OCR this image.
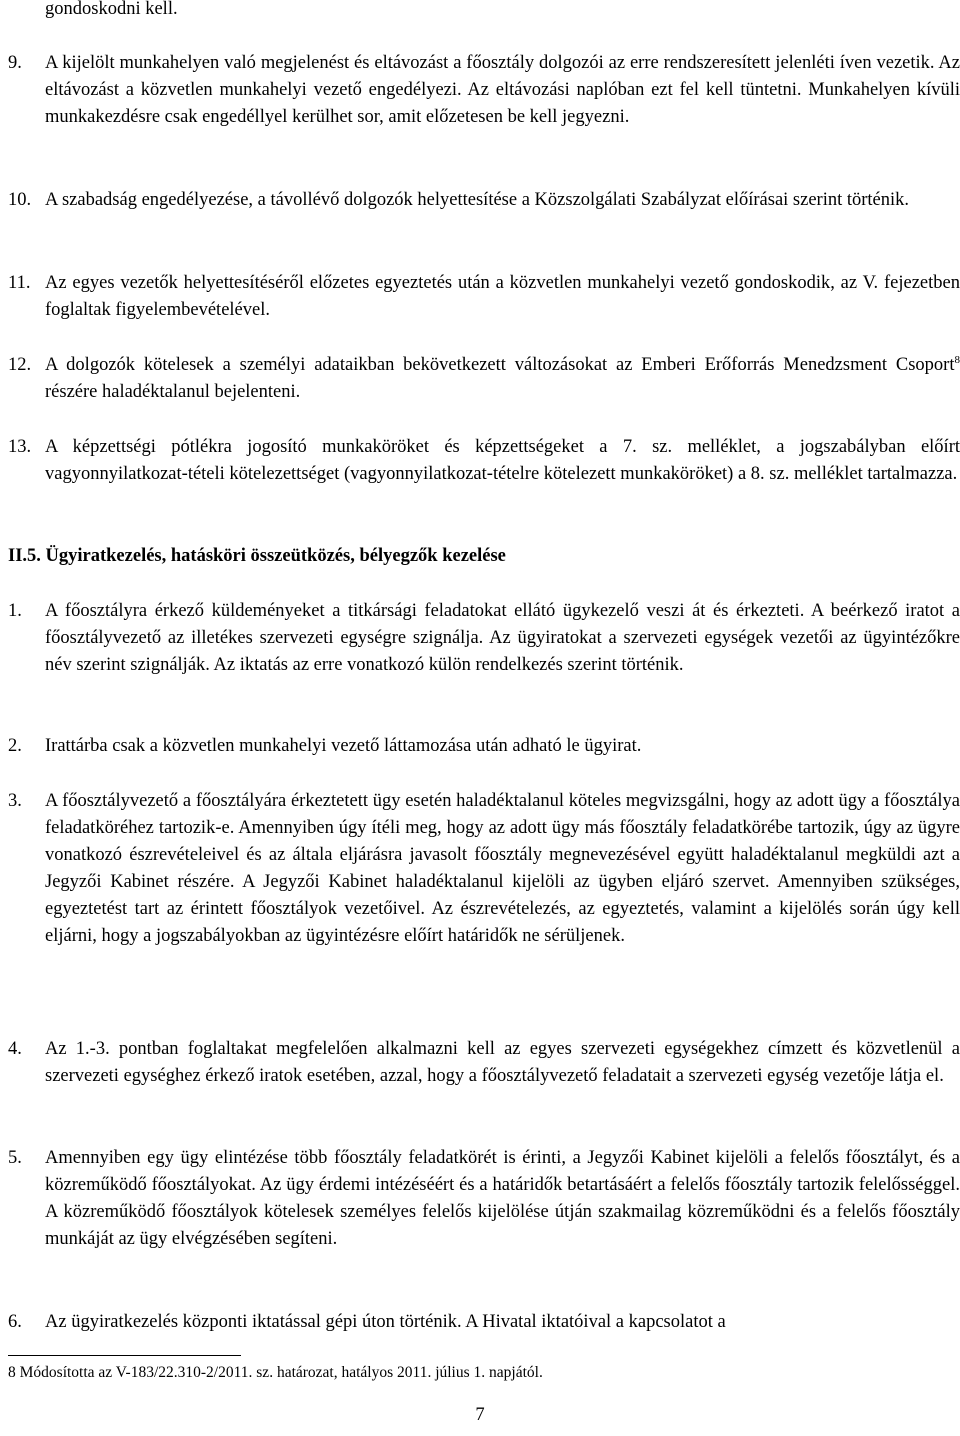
gondoskodni kell.
9. A kijelölt munkahelyen való megjelenést és eltávozást a főosztály dolgozói az erre rendszeresített jelenléti íven vezetik. Az eltávozást a közvetlen munkahelyi vezető engedélyezi. Az eltávozási naplóban ezt fel kell tüntetni. Munkahelyen kívüli munkakezdésre csak engedéllyel kerülhet sor, amit előzetesen be kell jegyezni.
10. A szabadság engedélyezése, a távollévő dolgozók helyettesítése a Közszolgálati Szabályzat előírásai szerint történik.
11. Az egyes vezetők helyettesítéséről előzetes egyeztetés után a közvetlen munkahelyi vezető gondoskodik, az V. fejezetben foglaltak figyelembevételével.
12. A dolgozók kötelesek a személyi adataikban bekövetkezett változásokat az Emberi Erőforrás Menedzsment Csoport$^8$ részére haladéktalanul bejelenteni.
13. A képzettségi pótlékra jogosító munkaköröket és képzettségeket a 7. sz. melléklet, a jogszabályban előírt vagyonnyilatkozat-tételi kötelezettséget (vagyonnyilatkozat-tételre kötelezett munkaköröket) a 8. sz. melléklet tartalmazza.
II.5. Ügyiratkezelés, hatásköri összeütközés, bélyegzők kezelése
1. A főosztályra érkező küldeményeket a titkársági feladatokat ellátó ügykezelő veszi át és érkezteti. A beérkező iratot a főosztályvezető az illetékes szervezeti egységre szignálja. Az ügyiratokat a szervezeti egységek vezetői az ügyintézőkre név szerint szignálják. Az iktatás az erre vonatkozó külön rendelkezés szerint történik.
2. Irattárba csak a közvetlen munkahelyi vezető láttamozása után adható le ügyirat.
3. A főosztályvezető a főosztályára érkeztetett ügy esetén haladéktalanul köteles megvizsgálni, hogy az adott ügy a főosztálya feladatköréhez tartozik-e. Amennyiben úgy ítéli meg, hogy az adott ügy más főosztály feladatkörébe tartozik, úgy az ügyre vonatkozó észrevételeivel és az általa eljárásra javasolt főosztály megnevezésével együtt haladéktalanul megküldi azt a Jegyzői Kabinet részére. A Jegyzői Kabinet haladéktalanul kijelöli az ügyben eljáró szervet. Amennyiben szükséges, egyeztetést tart az érintett főosztályok vezetőivel. Az észrevételezés, az egyeztetés, valamint a kijelölés során úgy kell eljárni, hogy a jogszabályokban az ügyintézésre előírt határidők ne sérüljenek.
4. Az 1.-3. pontban foglaltakat megfelelően alkalmazni kell az egyes szervezeti egységekhez címzett és közvetlenül a szervezeti egységhez érkező iratok esetében, azzal, hogy a főosztályvezető feladatait a szervezeti egység vezetője látja el.
5. Amennyiben egy ügy elintézése több főosztály feladatkörét is érinti, a Jegyzői Kabinet kijelöli a felelős főosztályt, és a közreműködő főosztályokat. Az ügy érdemi intézéséért és a határidők betartásáért a felelős főosztály tartozik felelősséggel. A közreműködő főosztályok kötelesek személyes felelős kijelölése útján szakmailag közreműködni és a felelős főosztály munkáját az ügy elvégzésében segíteni.
6. Az ügyiratkezelés központi iktatással gépi úton történik. A Hivatal iktatóival a kapcsolatot a
8 Módosította az V-183/22.310-2/2011. sz. határozat, hatályos 2011. július 1. napjától.
7
